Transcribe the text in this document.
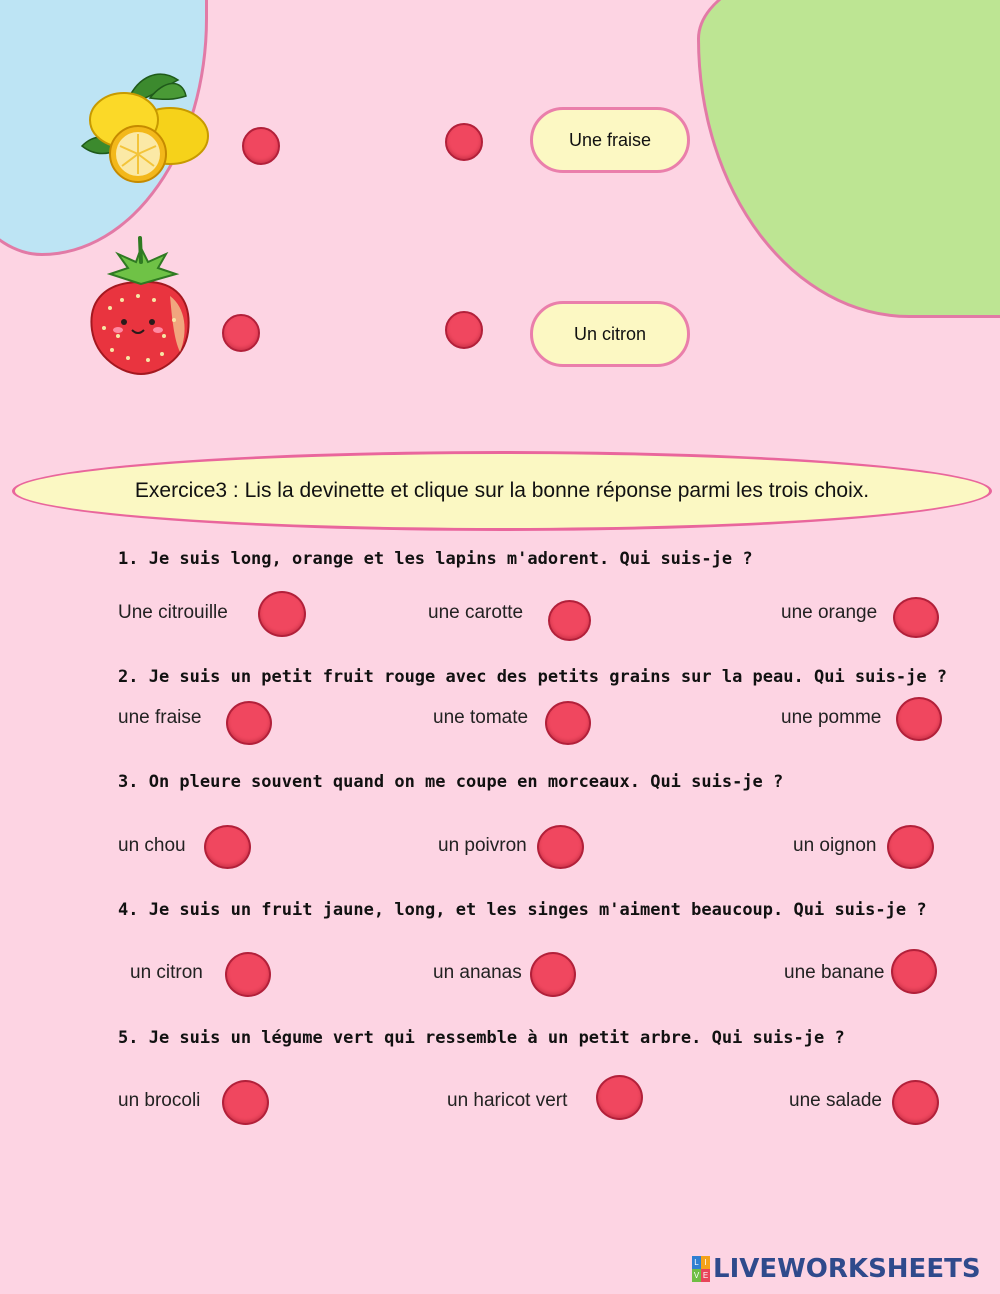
Une fraise
Un citron
Exercice3 : Lis la devinette et clique sur la bonne réponse parmi les trois choix.
1. Je suis long, orange et les lapins m'adorent. Qui suis-je ?
Une citrouille	une carotte	une orange
2. Je suis un petit fruit rouge avec des petits grains sur la peau. Qui suis-je ?
une fraise	une tomate	une pomme
3. On pleure souvent quand on me coupe en morceaux. Qui suis-je ?
un chou	un poivron	un oignon
4. Je suis un fruit jaune, long, et les singes m'aiment beaucoup. Qui suis-je ?
un citron	un ananas	une banane
5. Je suis un légume vert qui ressemble à un petit arbre. Qui suis-je ?
un brocoli	un haricot vert	une salade
L I
V E LIVEWORKSHEETS
